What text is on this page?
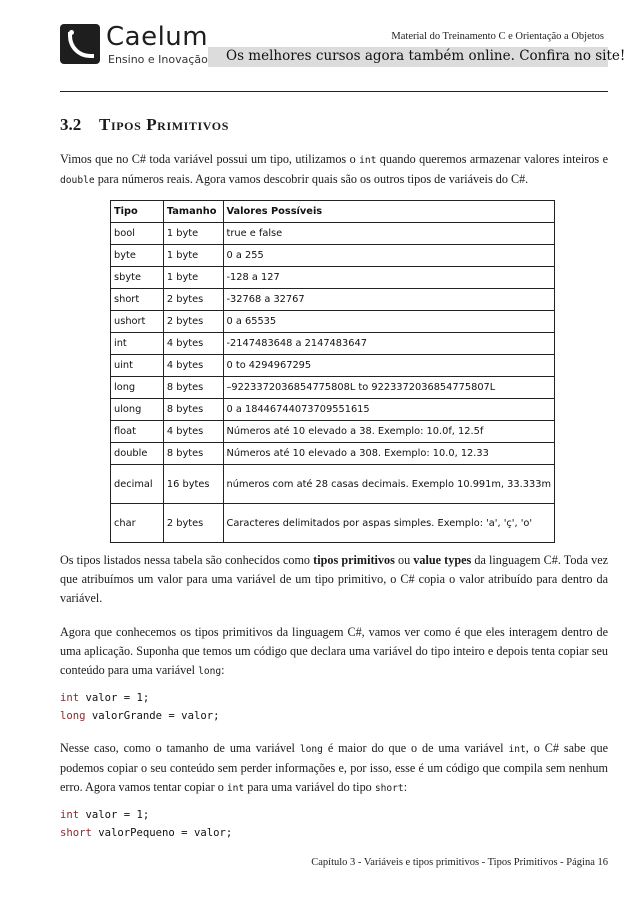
Caelum
Ensino e Inovação
Material do Treinamento C e Orientação a Objetos
Os melhores cursos agora também online. Confira no site!
3.2 Tipos Primitivos
Vimos que no C# toda variável possui um tipo, utilizamos o int quando queremos armazenar valores inteiros e double para números reais. Agora vamos descobrir quais são os outros tipos de variáveis do C#.
Tipo	Tamanho	Valores Possíveis
bool	1 byte	true e false
byte	1 byte	0 a 255
sbyte	1 byte	-128 a 127
short	2 bytes	-32768 a 32767
ushort	2 bytes	0 a 65535
int	4 bytes	-2147483648 a 2147483647
uint	4 bytes	0 to 4294967295
long	8 bytes	–9223372036854775808L to 9223372036854775807L
ulong	8 bytes	0 a 18446744073709551615
float	4 bytes	Números até 10 elevado a 38. Exemplo: 10.0f, 12.5f
double	8 bytes	Números até 10 elevado a 308. Exemplo: 10.0, 12.33
decimal	16 bytes	números com até 28 casas decimais. Exemplo 10.991m, 33.333m
char	2 bytes	Caracteres delimitados por aspas simples. Exemplo: 'a', 'ç', 'o'
Os tipos listados nessa tabela são conhecidos como tipos primitivos ou value types da linguagem C#. Toda vez que atribuímos um valor para uma variável de um tipo primitivo, o C# copia o valor atribuído para dentro da variável.
Agora que conhecemos os tipos primitivos da linguagem C#, vamos ver como é que eles interagem dentro de uma aplicação. Suponha que temos um código que declara uma variável do tipo inteiro e depois tenta copiar seu conteúdo para uma variável long:
int valor = 1;
long valorGrande = valor;
Nesse caso, como o tamanho de uma variável long é maior do que o de uma variável int, o C# sabe que podemos copiar o seu conteúdo sem perder informações e, por isso, esse é um código que compila sem nenhum erro. Agora vamos tentar copiar o int para uma variável do tipo short:
int valor = 1;
short valorPequeno = valor;
Capítulo 3 - Variáveis e tipos primitivos - Tipos Primitivos - Página 16
